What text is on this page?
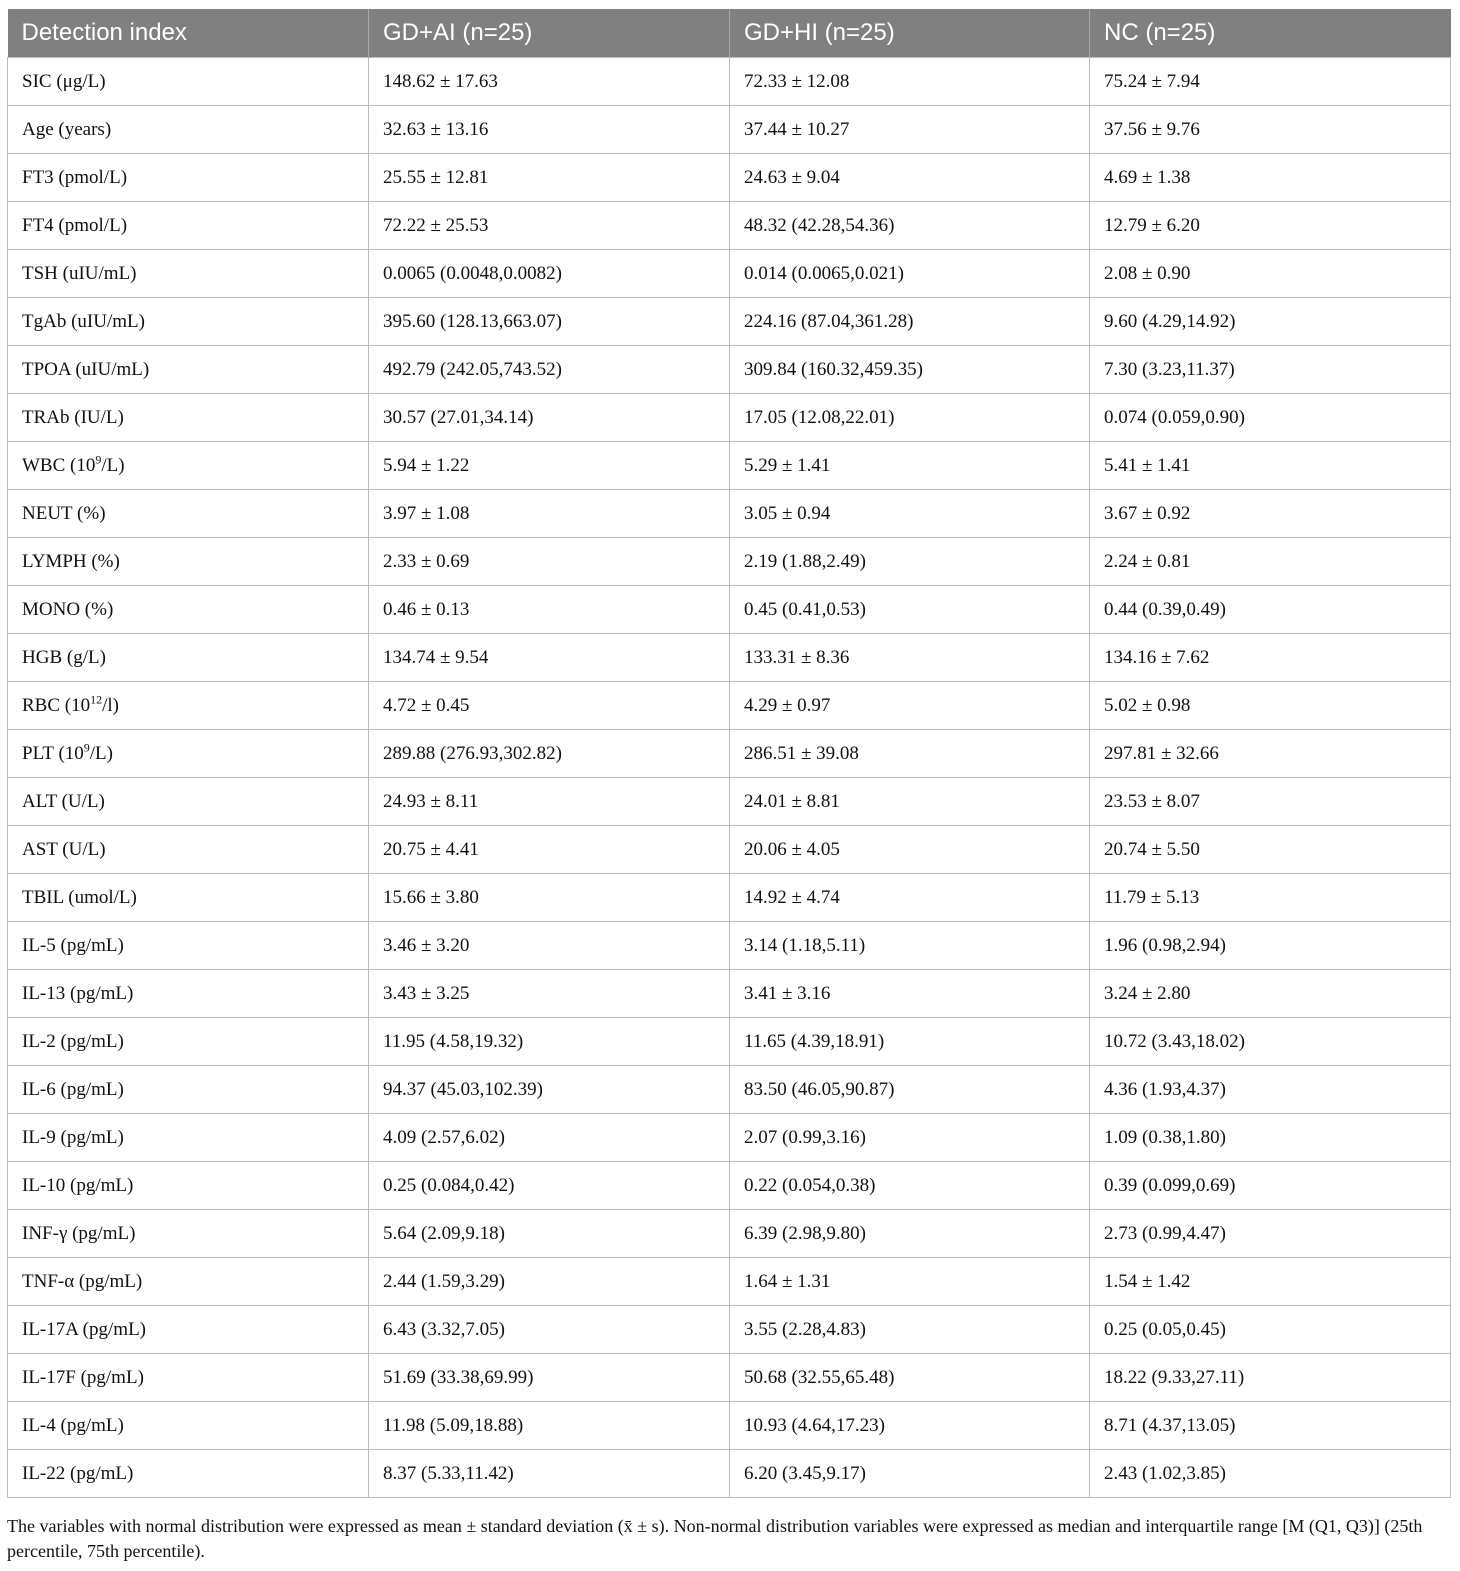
Detection index	GD+AI (n=25)	GD+HI (n=25)	NC (n=25)
SIC (μg/L)	148.62 ± 17.63	72.33 ± 12.08	75.24 ± 7.94
Age (years)	32.63 ± 13.16	37.44 ± 10.27	37.56 ± 9.76
FT3 (pmol/L)	25.55 ± 12.81	24.63 ± 9.04	4.69 ± 1.38
FT4 (pmol/L)	72.22 ± 25.53	48.32 (42.28,54.36)	12.79 ± 6.20
TSH (uIU/mL)	0.0065 (0.0048,0.0082)	0.014 (0.0065,0.021)	2.08 ± 0.90
TgAb (uIU/mL)	395.60 (128.13,663.07)	224.16 (87.04,361.28)	9.60 (4.29,14.92)
TPOA (uIU/mL)	492.79 (242.05,743.52)	309.84 (160.32,459.35)	7.30 (3.23,11.37)
TRAb (IU/L)	30.57 (27.01,34.14)	17.05 (12.08,22.01)	0.074 (0.059,0.90)
WBC $(10^9/L)$	5.94 ± 1.22	5.29 ± 1.41	5.41 ± 1.41
NEUT (%)	3.97 ± 1.08	3.05 ± 0.94	3.67 ± 0.92
LYMPH (%)	2.33 ± 0.69	2.19 (1.88,2.49)	2.24 ± 0.81
MONO (%)	0.46 ± 0.13	0.45 (0.41,0.53)	0.44 (0.39,0.49)
HGB (g/L)	134.74 ± 9.54	133.31 ± 8.36	134.16 ± 7.62
RBC $(10^{12}/l)$	4.72 ± 0.45	4.29 ± 0.97	5.02 ± 0.98
PLT $(10^9/L)$	289.88 (276.93,302.82)	286.51 ± 39.08	297.81 ± 32.66
ALT (U/L)	24.93 ± 8.11	24.01 ± 8.81	23.53 ± 8.07
AST (U/L)	20.75 ± 4.41	20.06 ± 4.05	20.74 ± 5.50
TBIL (umol/L)	15.66 ± 3.80	14.92 ± 4.74	11.79 ± 5.13
IL-5 (pg/mL)	3.46 ± 3.20	3.14 (1.18,5.11)	1.96 (0.98,2.94)
IL-13 (pg/mL)	3.43 ± 3.25	3.41 ± 3.16	3.24 ± 2.80
IL-2 (pg/mL)	11.95 (4.58,19.32)	11.65 (4.39,18.91)	10.72 (3.43,18.02)
IL-6 (pg/mL)	94.37 (45.03,102.39)	83.50 (46.05,90.87)	4.36 (1.93,4.37)
IL-9 (pg/mL)	4.09 (2.57,6.02)	2.07 (0.99,3.16)	1.09 (0.38,1.80)
IL-10 (pg/mL)	0.25 (0.084,0.42)	0.22 (0.054,0.38)	0.39 (0.099,0.69)
INF-γ (pg/mL)	5.64 (2.09,9.18)	6.39 (2.98,9.80)	2.73 (0.99,4.47)
TNF-α (pg/mL)	2.44 (1.59,3.29)	1.64 ± 1.31	1.54 ± 1.42
IL-17A (pg/mL)	6.43 (3.32,7.05)	3.55 (2.28,4.83)	0.25 (0.05,0.45)
IL-17F (pg/mL)	51.69 (33.38,69.99)	50.68 (32.55,65.48)	18.22 (9.33,27.11)
IL-4 (pg/mL)	11.98 (5.09,18.88)	10.93 (4.64,17.23)	8.71 (4.37,13.05)
IL-22 (pg/mL)	8.37 (5.33,11.42)	6.20 (3.45,9.17)	2.43 (1.02,3.85)
The variables with normal distribution were expressed as mean ± standard deviation (x̄ ± s). Non-normal distribution variables were expressed as median and interquartile range [M (Q1, Q3)] (25th percentile, 75th percentile).
